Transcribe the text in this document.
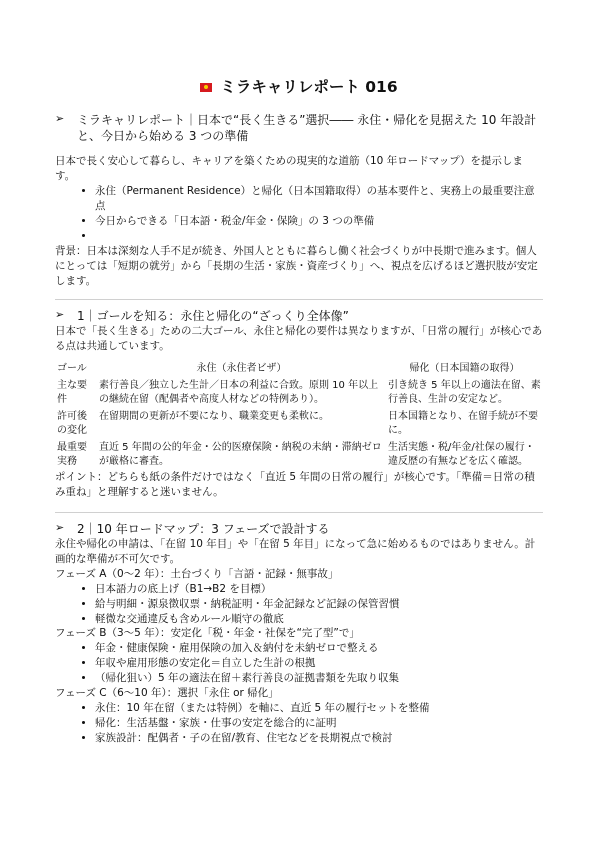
ミラキャリレポート 016
➢	ミラキャリレポート｜日本で“長く生きる”選択―― 永住・帰化を見据えた 10 年設計と、今日から始める 3 つの準備

日本で長く安心して暮らし、キャリアを築くための現実的な道筋（10 年ロードマップ）を提示します。

• 永住（Permanent Residence）と帰化（日本国籍取得）の基本要件と、実務上の最重要注意点
• 今日からできる「日本語・税金/年金・保険」の 3 つの準備
•

背景：日本は深刻な人手不足が続き、外国人とともに暮らし働く社会づくりが中長期で進みます。個人にとっては「短期の就労」から「長期の生活・家族・資産づくり」へ、視点を広げるほど選択肢が安定します。

➢	1｜ゴールを知る：永住と帰化の“ざっくり全体像”

日本で「長く生きる」ための二大ゴール、永住と帰化の要件は異なりますが、「日常の履行」が核心である点は共通しています。

ゴール	永住（永住者ビザ）	帰化（日本国籍の取得）
主な要件	素行善良／独立した生計／日本の利益に合致。原則 10 年以上の継続在留（配偶者や高度人材などの特例あり）。	引き続き 5 年以上の適法在留、素行善良、生計の安定など。
許可後の変化	在留期間の更新が不要になり、職業変更も柔軟に。	日本国籍となり、在留手続が不要に。
最重要実務	直近 5 年間の公的年金・公的医療保険・納税の未納・滞納ゼロが厳格に審査。	生活実態・税/年金/社保の履行・違反歴の有無などを広く確認。

ポイント：どちらも紙の条件だけではなく「直近 5 年間の日常の履行」が核心です。「準備＝日常の積み重ね」と理解すると迷いません。

➢	2｜10 年ロードマップ：3 フェーズで設計する

永住や帰化の申請は、「在留 10 年目」や「在留 5 年目」になって急に始めるものではありません。計画的な準備が不可欠です。

フェーズ A（0〜2 年）：土台づくり「言語・記録・無事故」

• 日本語力の底上げ（B1→B2 を目標）
• 給与明細・源泉徴収票・納税証明・年金記録など記録の保管習慣
• 軽微な交通違反も含めルール順守の徹底

フェーズ B（3〜5 年）：安定化「税・年金・社保を“完了型”で」

• 年金・健康保険・雇用保険の加入＆納付を未納ゼロで整える
• 年収や雇用形態の安定化＝自立した生計の根拠
• （帰化狙い）5 年の適法在留＋素行善良の証拠書類を先取り収集

フェーズ C（6〜10 年）：選択「永住 or 帰化」

• 永住：10 年在留（または特例）を軸に、直近 5 年の履行セットを整備
• 帰化：生活基盤・家族・仕事の安定を総合的に証明
• 家族設計：配偶者・子の在留/教育、住宅などを長期視点で検討
